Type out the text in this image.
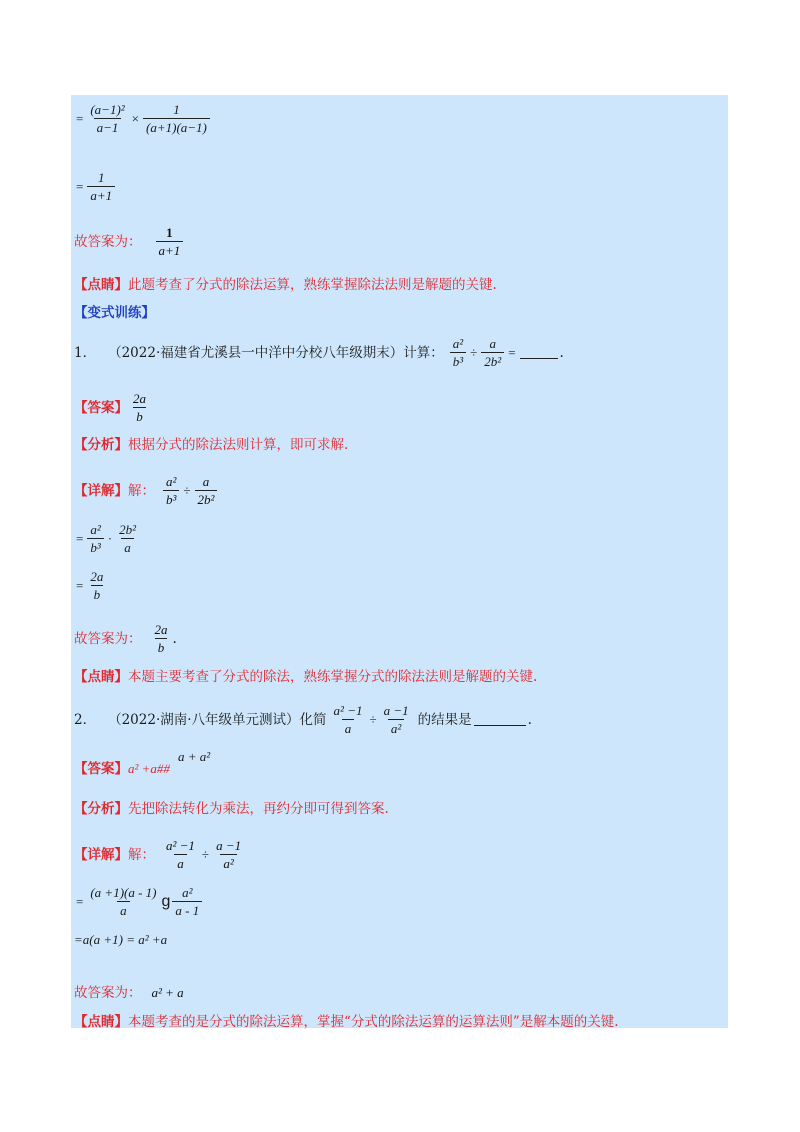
= $\frac{\text{(a−1)²}}{a-1} \times \frac{1}{(a+1)(a-1)}$
= $\frac{1}{a+1}$
故答案为： $\frac{1}{a+1}$
【点睛】 此题考查了分式的除法运算，熟练掌握除法法则是解题的关键.
【变式训练】
1． （2022·福建省尤溪县一中洋中分校八年级期末）计算： $\frac{\text{a²}}{\text{b³}} \div \frac{a}{\text{2b²}}$ =	.
【答案】 $\frac{2a}{b}$
【分析】 根据分式的除法法则计算，即可求解.
【详解】 解： $\frac{\text{a²}}{\text{b³}} \div \frac{a}{\text{2b²}}$
= $\frac{\text{a²}}{\text{b³}} \cdot \frac{\text{2b²}}{a}$
= $\frac{2a}{b}$
故答案为： $\frac{2a}{b}$ .
【点睛】 本题主要考查了分式的除法，熟练掌握分式的除法法则是解题的关键.
2． （2022·湖南·八年级单元测试）化简 $\frac{\text{a² −1}}{a} \div \frac{a -1}{\text{a²}}$ 的结果是	.
【答案】 a² +a##
a + a²
【分析】 先把除法转化为乘法，再约分即可得到答案.
【详解】 解： $\frac{\text{a² −1}}{a} \div \frac{a -1}{\text{a²}}$
= $\frac{(a +1)(a - 1)}{a}$ g $\frac{\text{a²}}{a - 1}$
=a(a +1) = a² +a
故答案为： a² + a
【点睛】 本题考查的是分式的除法运算，掌握“分式的除法运算的运算法则”是解本题的关键.
